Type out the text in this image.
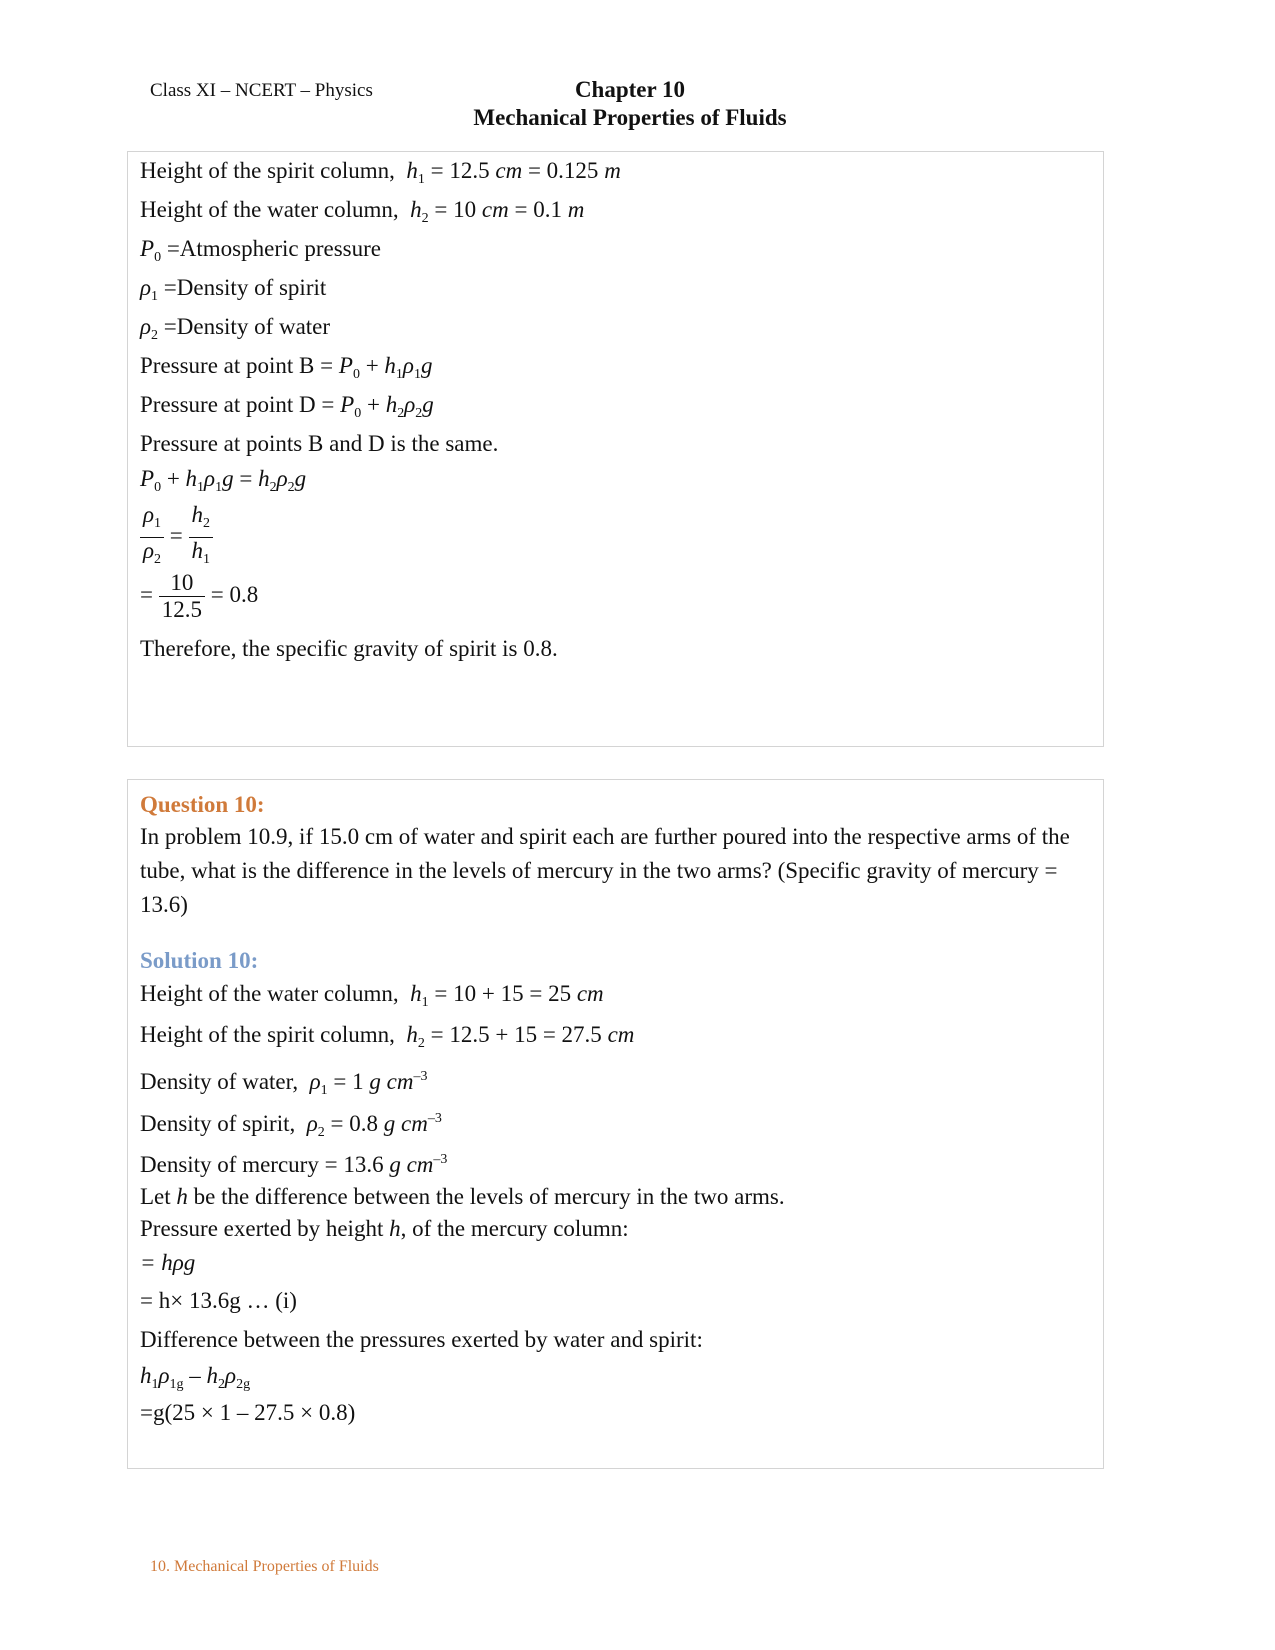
Class XI – NCERT – Physics	Chapter 10
Mechanical Properties of Fluids
Height of the spirit column, $h_1 = 12.5$ cm = 0.125 m
Height of the water column, $h_2 = 10$ cm = 0.1 m
$P_0$ =Atmospheric pressure
$\rho_1$ =Density of spirit
$\rho_2$ =Density of water
Pressure at point $B = P_0 + h_1\rho_1g$
Pressure at point $D = P_0 + h_2\rho_2g$
Pressure at points B and D is the same.
$P_0 + h_1\rho_1g = h_2\rho_2g$
$\frac{\rho_1}{\rho_2} = \frac{h_2}{h_1}$
= $\frac{10}{12.5} = 0.8$
Therefore, the specific gravity of spirit is 0.8.
Question 10:
In problem 10.9, if 15.0 cm of water and spirit each are further poured into the respective arms of the tube, what is the difference in the levels of mercury in the two arms? (Specific gravity of mercury = 13.6)
Solution 10:
Height of the water column, $h_1 = 10 + 15 = 25$ cm
Height of the spirit column, $h_2 = 12.5 + 15 = 27.5$ cm
Density of water, $\rho_1 = 1$ g $cm^{-3}$
Density of spirit, $\rho_2 = 0.8$ g $cm^{-3}$
Density of mercury = 13.6 g $cm^{-3}$
Let h be the difference between the levels of mercury in the two arms.
Pressure exerted by height h, of the mercury column:
= hρg
= h× 13.6g … (i)
Difference between the pressures exerted by water and spirit:
$h_1\rho_{1g} - h_2\rho_{2g}$
=g(25 × 1 – 27.5 × 0.8)
10. Mechanical Properties of Fluids
